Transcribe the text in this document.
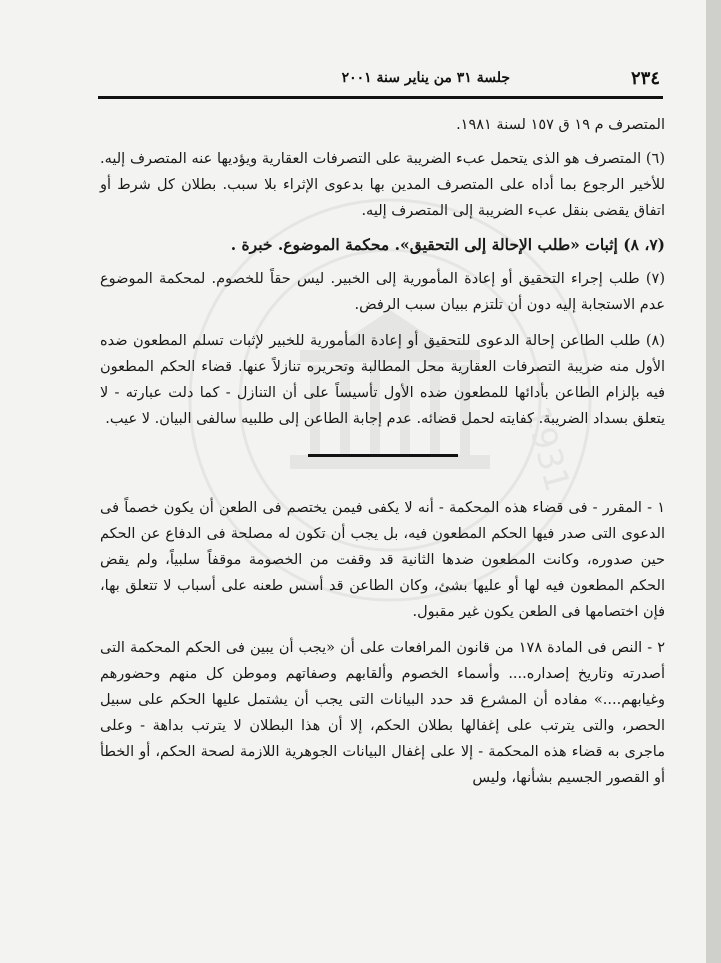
1931
٢٣٤
جلسة ٣١ من يناير سنة ٢٠٠١

المتصرف م ١٩ ق ١٥٧ لسنة ١٩٨١.

(٦) المتصرف هو الذى يتحمل عبء الضريبة على التصرفات العقارية ويؤديها عنه المتصرف إليه. للأخير الرجوع بما أداه على المتصرف المدين بها بدعوى الإثراء بلا سبب. بطلان كل شرط أو اتفاق يقضى بنقل عبء الضريبة إلى المتصرف إليه.

(٧، ٨) إثبات «طلب الإحالة إلى التحقيق». محكمة الموضوع. خبرة .

(٧) طلب إجراء التحقيق أو إعادة المأمورية إلى الخبير. ليس حقاً للخصوم. لمحكمة الموضوع عدم الاستجابة إليه دون أن تلتزم ببيان سبب الرفض.

(٨) طلب الطاعن إحالة الدعوى للتحقيق أو إعادة المأمورية للخبير لإثبات تسلم المطعون ضده الأول منه ضريبة التصرفات العقارية محل المطالبة وتحريره تنازلاً عنها. قضاء الحكم المطعون فيه بإلزام الطاعن بأدائها للمطعون ضده الأول تأسيساً على أن التنازل - كما دلت عبارته - لا يتعلق بسداد الضريبة. كفايته لحمل قضائه. عدم إجابة الطاعن إلى طلبيه سالفى البيان. لا عيب.

١ - المقرر - فى قضاء هذه المحكمة - أنه لا يكفى فيمن يختصم فى الطعن أن يكون خصماً فى الدعوى التى صدر فيها الحكم المطعون فيه، بل يجب أن تكون له مصلحة فى الدفاع عن الحكم حين صدوره، وكانت المطعون ضدها الثانية قد وقفت من الخصومة موقفاً سلبياً، ولم يقض الحكم المطعون فيه لها أو عليها بشئ، وكان الطاعن قد أسس طعنه على أسباب لا تتعلق بها، فإن اختصامها فى الطعن يكون غير مقبول.

٢ - النص فى المادة ١٧٨ من قانون المرافعات على أن «يجب أن يبين فى الحكم المحكمة التى أصدرته وتاريخ إصداره.... وأسماء الخصوم وألقابهم وصفاتهم وموطن كل منهم وحضورهم وغيابهم....» مفاده أن المشرع قد حدد البيانات التى يجب أن يشتمل عليها الحكم على سبيل الحصر، والتى يترتب على إغفالها بطلان الحكم، إلا أن هذا البطلان لا يترتب بداهة - وعلى ماجرى به قضاء هذه المحكمة - إلا على إغفال البيانات الجوهرية اللازمة لصحة الحكم، أو الخطأ أو القصور الجسيم بشأنها، وليس
